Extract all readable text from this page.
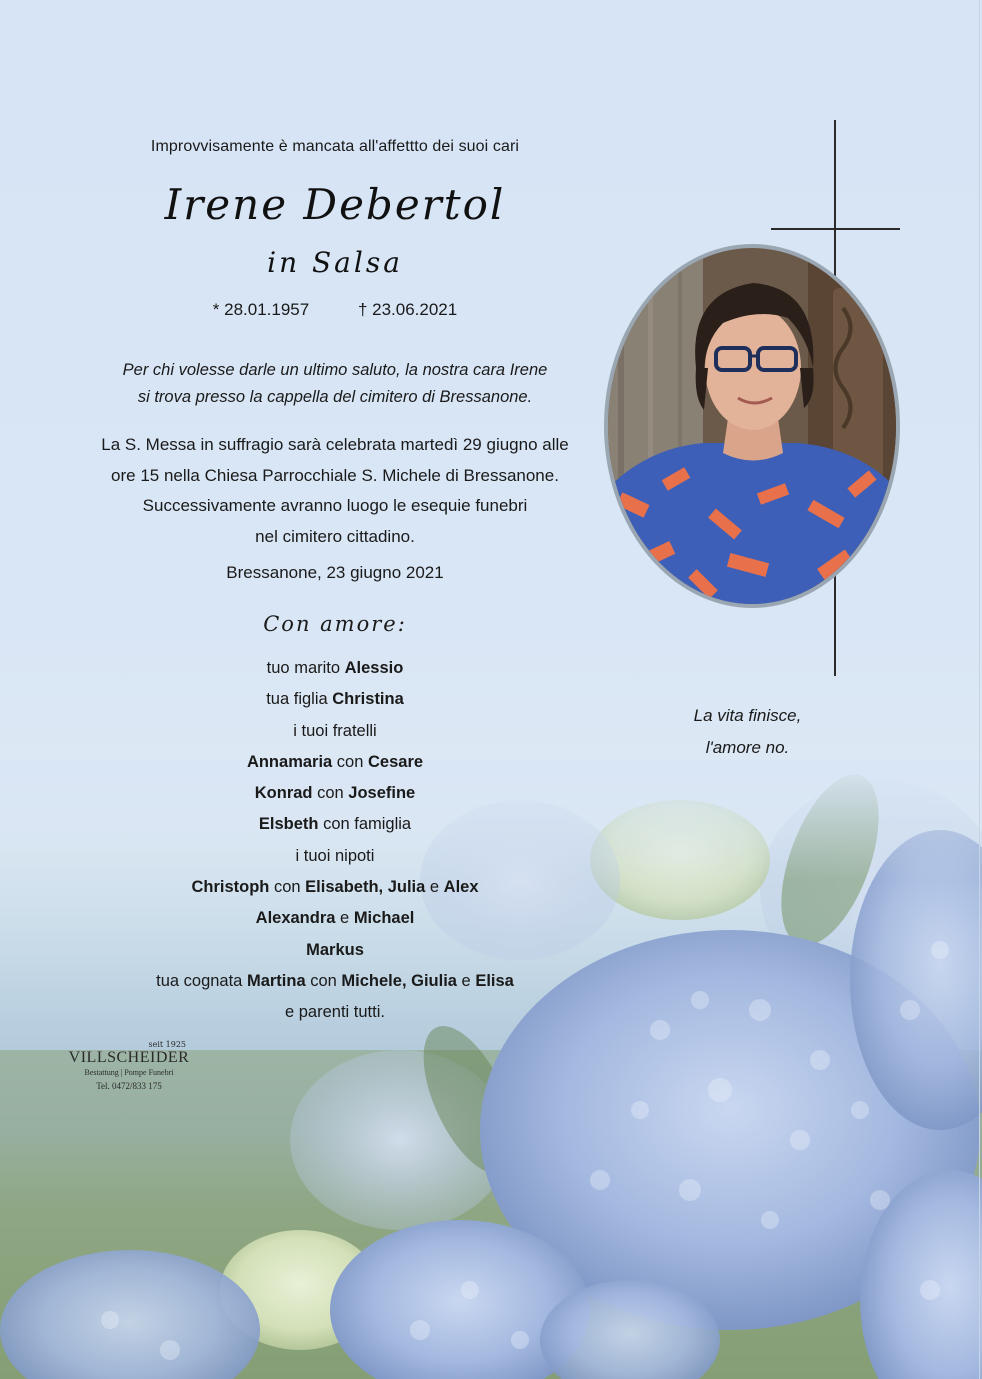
Improvvisamente è mancata all'affettto dei suoi cari
Irene Debertol
in Salsa
* 28.01.1957	† 23.06.2021
Per chi volesse darle un ultimo saluto, la nostra cara Irene
si trova presso la cappella del cimitero di Bressanone.
La S. Messa in suffragio sarà celebrata martedì 29 giugno alle
ore 15 nella Chiesa Parrocchiale S. Michele di Bressanone.
Successivamente avranno luogo le esequie funebri
nel cimitero cittadino.
Bressanone, 23 giugno 2021
Con amore:
tuo marito Alessio
tua figlia Christina
i tuoi fratelli
Annamaria con Cesare
Konrad con Josefine
Elsbeth con famiglia
i tuoi nipoti
Christoph con Elisabeth, Julia e Alex
Alexandra e Michael
Markus
tua cognata Martina con Michele, Giulia e Elisa
e parenti tutti.
La vita finisce,
l'amore no.
seit 1925
VILLSCHEIDER
Bestattung | Pompe Funebri
Tel. 0472/833 175
